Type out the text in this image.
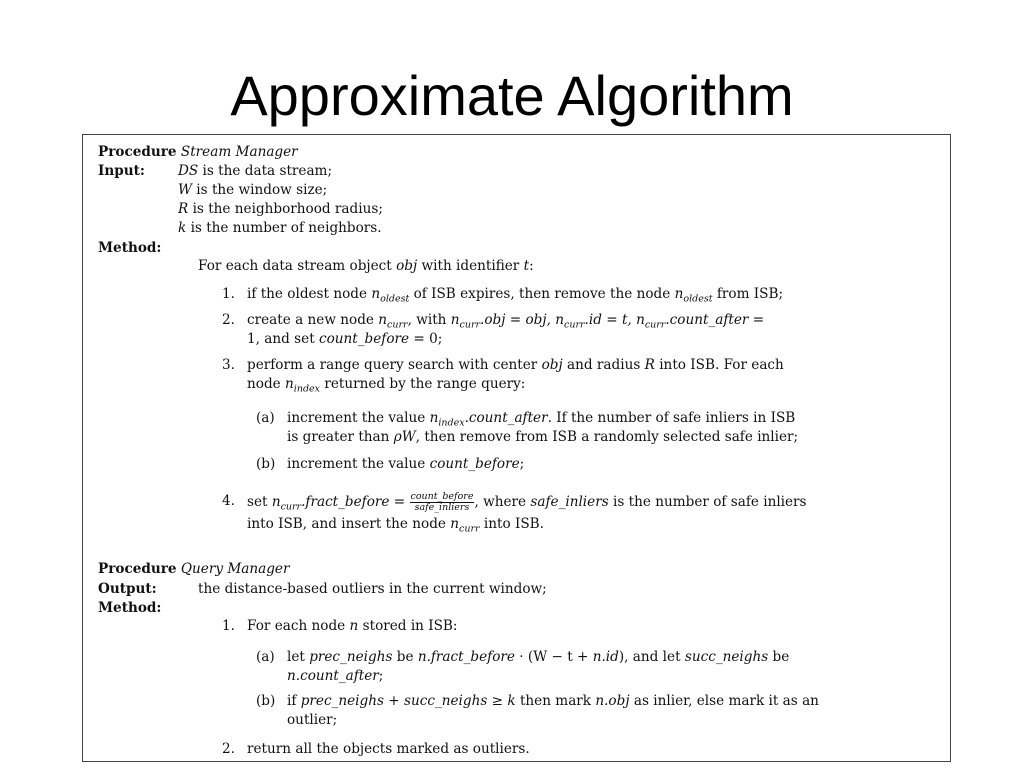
Approximate Algorithm
Procedure Stream Manager
Input: DS is the data stream;
W is the window size;
R is the neighborhood radius;
k is the number of neighbors.
Method:
For each data stream object obj with identifier t:
1. if the oldest node $n_{oldest}$ of ISB expires, then remove the node $n_{oldest}$ from ISB;
2. create a new node $n_{curr}$, with $n_{curr}.obj$ = obj, $n_{curr}.id = t$, $n_{curr}.count\_after$ =
1, and set count_before = 0;
3. perform a range query search with center obj and radius R into ISB. For each
node $n_{index}$ returned by the range query:
(a) increment the value $n_{index}.count\_after$. If the number of safe inliers in ISB
is greater than ρW, then remove from ISB a randomly selected safe inlier;
(b) increment the value count_before;
4. set $n_{curr}.fract\_before = \frac{\text{count\_before}}{\text{safe\_inliers}}$ , where safe_inliers is the number of safe inliers
into ISB, and insert the node $n_{curr}$ into ISB.
Procedure Query Manager
Output:	the distance-based outliers in the current window;
Method:
1. For each node n stored in ISB:
(a) let prec_neighs be n.fract_before · (W − t + n.id), and let succ_neighs be
n.count_after;
(b) if prec_neighs + succ_neighs ≥ k then mark n.obj as inlier, else mark it as an
outlier;
2. return all the objects marked as outliers.
